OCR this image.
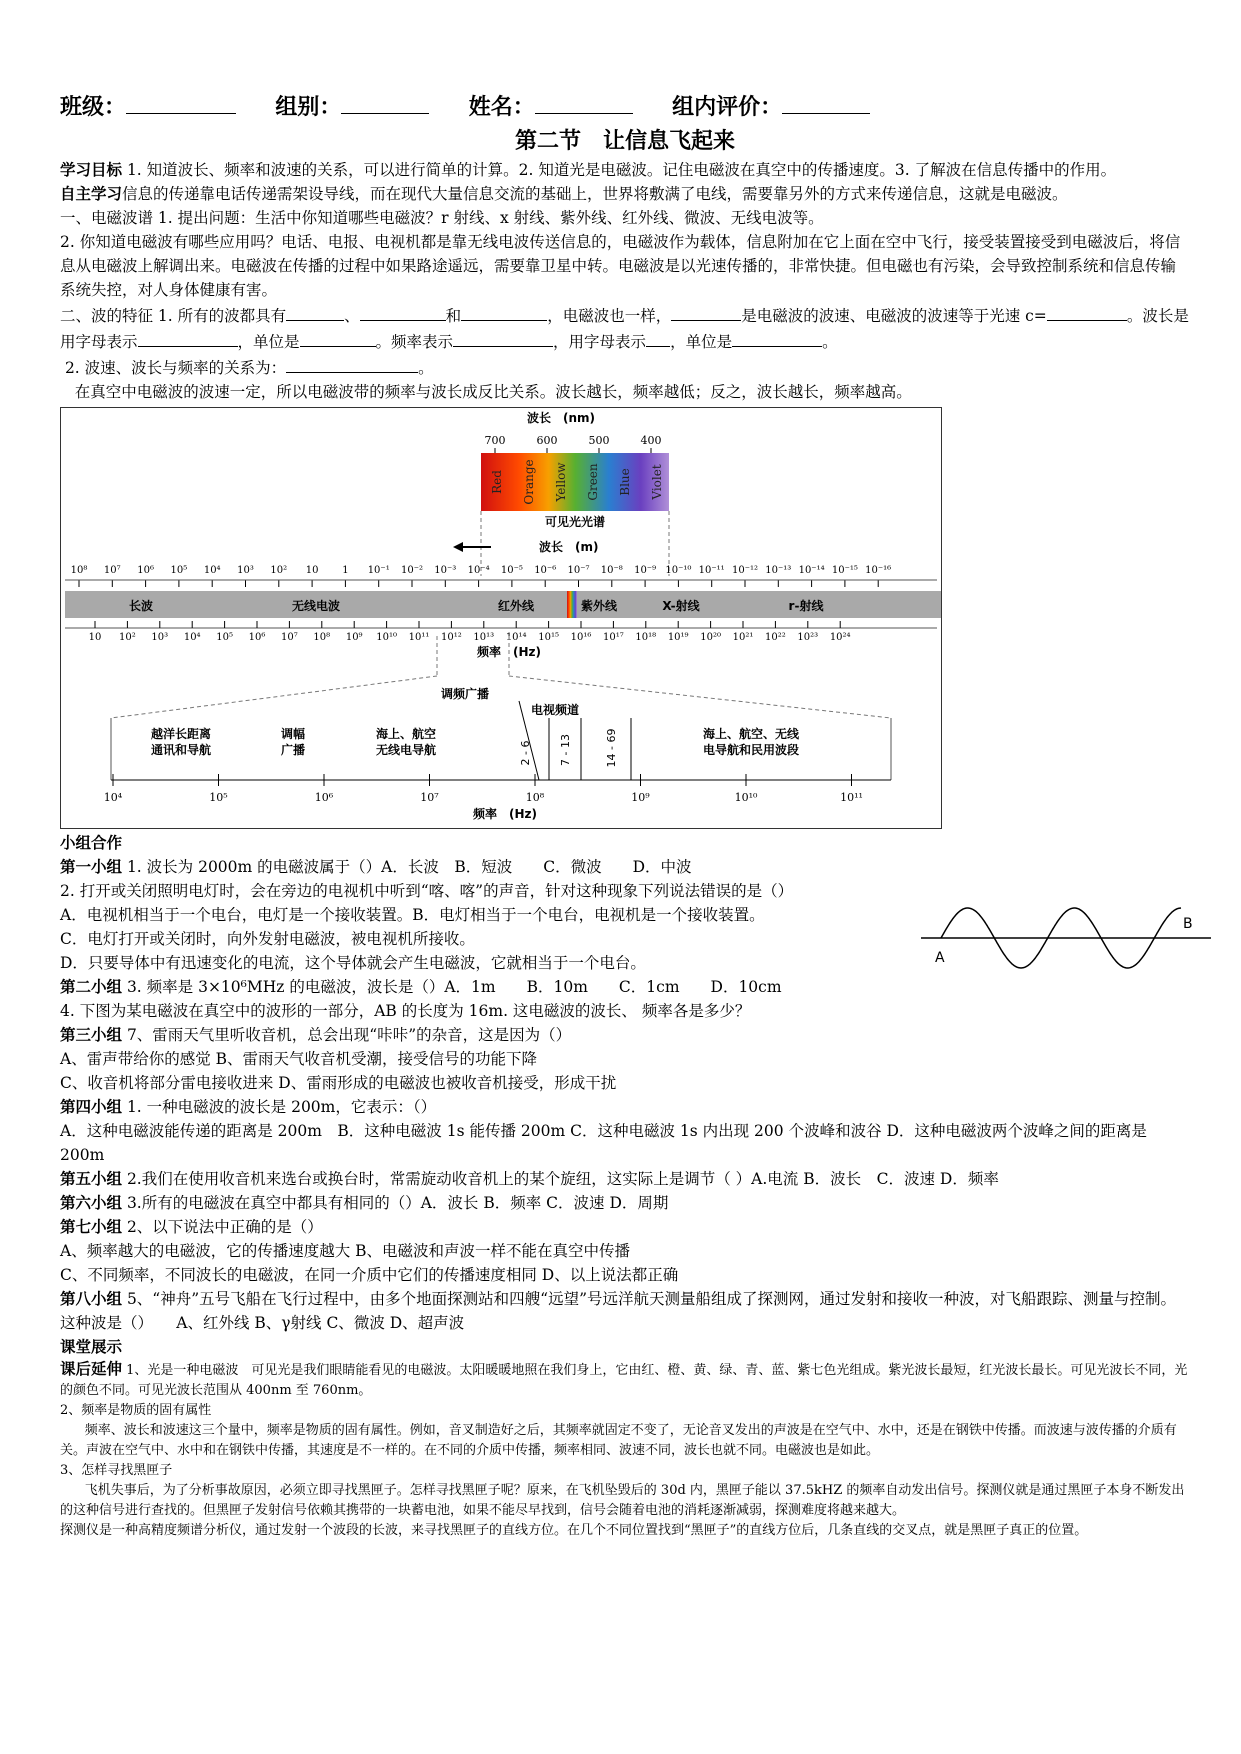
班级：	组别：	姓名：	组内评价：
第二节　让信息飞起来

学习目标 1. 知道波长、频率和波速的关系，可以进行简单的计算。2. 知道光是电磁波。记住电磁波在真空中的传播速度。3. 了解波在信息传播中的作用。

自主学习信息的传递靠电话传递需架设导线，而在现代大量信息交流的基础上，世界将敷满了电线，需要靠另外的方式来传递信息，这就是电磁波。

一、电磁波谱 1. 提出问题：生活中你知道哪些电磁波？r 射线、x 射线、紫外线、红外线、微波、无线电波等。

2. 你知道电磁波有哪些应用吗？电话、电报、电视机都是靠无线电波传送信息的，电磁波作为载体，信息附加在它上面在空中飞行，接受装置接受到电磁波后，将信息从电磁波上解调出来。电磁波在传播的过程中如果路途遥远，需要靠卫星中转。电磁波是以光速传播的，非常快捷。但电磁也有污染，会导致控制系统和信息传输系统失控，对人身体健康有害。

二、波的特征 1. 所有的波都具有	、	和	，电磁波也一样，	是电磁波的波速、电磁波的波速等于光速 c=	。波长是用字母表示	，单位是	。频率表示	，用字母表示 ，单位是	。

2. 波速、波长与频率的关系为：	。

在真空中电磁波的波速一定，所以电磁波带的频率与波长成反比关系。波长越长，频率越低；反之，波长越长，频率越高。

波长　(nm)
700	600	500	400
Red Orange Yellow Green Blue Violet
可见光光谱
波长　(m)
10⁸ 10⁷ 10⁶ 10⁵ 10⁴ 10³ 10² 10 1 10⁻¹ 10⁻² 10⁻³ 10⁻⁴ 10⁻⁵ 10⁻⁶ 10⁻⁷ 10⁻⁸ 10⁻⁹ 10⁻¹⁰ 10⁻¹¹ 10⁻¹² 10⁻¹³ 10⁻¹⁴ 10⁻¹⁵ 10⁻¹⁶
长波	无线电波	红外线	紫外线	X-射线	r-射线
10 10² 10³ 10⁴ 10⁵ 10⁶ 10⁷ 10⁸ 10⁹ 10¹⁰ 10¹¹ 10¹² 10¹³ 10¹⁴ 10¹⁵ 10¹⁶ 10¹⁷ 10¹⁸ 10¹⁹ 10²⁰ 10²¹ 10²² 10²³ 10²⁴
频率　(Hz)
调频广播
电视频道
2 - 6 7 - 13	14 - 69
越洋长距离
通讯和导航
调幅
广播
海上、航空
无线电导航
海上、航空、无线
电导航和民用波段
10⁴	10⁵	10⁶	10⁷	10⁸	10⁹	10¹⁰	10¹¹
频率　(Hz)

小组合作

第一小组 1. 波长为 2000m 的电磁波属于（）A．长波　B．短波　　C．微波　　D．中波

2. 打开或关闭照明电灯时，会在旁边的电视机中听到“喀、喀”的声音，针对这种现象下列说法错误的是（）

A．电视机相当于一个电台，电灯是一个接收装置。B．电灯相当于一个电台，电视机是一个接收装置。

C．电灯打开或关闭时，向外发射电磁波，被电视机所接收。

D．只要导体中有迅速变化的电流，这个导体就会产生电磁波，它就相当于一个电台。

第二小组 3. 频率是 3×10⁶MHz 的电磁波，波长是（）A．1m　　B．10m　　C．1cm　　D．10cm

4. 下图为某电磁波在真空中的波形的一部分，AB 的长度为 16m. 这电磁波的波长、 频率各是多少？

第三小组 7、雷雨天气里听收音机，总会出现“咔咔”的杂音，这是因为（）

A、雷声带给你的感觉 B、雷雨天气收音机受潮，接受信号的功能下降

C、收音机将部分雷电接收进来 D、雷雨形成的电磁波也被收音机接受，形成干扰

第四小组 1. 一种电磁波的波长是 200m，它表示：（）

A．这种电磁波能传递的距离是 200m　B．这种电磁波 1s 能传播 200m C．这种电磁波 1s 内出现 200 个波峰和波谷 D．这种电磁波两个波峰之间的距离是 200m

第五小组 2.我们在使用收音机来选台或换台时，常需旋动收音机上的某个旋纽，这实际上是调节（ ）A.电流 B．波长　C．波速 D．频率

第六小组 3.所有的电磁波在真空中都具有相同的（）A．波长 B．频率 C．波速 D．周期

第七小组 2、以下说法中正确的是（）

A、频率越大的电磁波，它的传播速度越大 B、电磁波和声波一样不能在真空中传播

C、不同频率，不同波长的电磁波，在同一介质中它们的传播速度相同 D、以上说法都正确

第八小组 5、“神舟”五号飞船在飞行过程中，由多个地面探测站和四艘“远望”号远洋航天测量船组成了探测网，通过发射和接收一种波，对飞船跟踪、测量与控制。这种波是（）　　A、红外线 B、γ射线 C、微波 D、超声波

课堂展示

课后延伸 1、光是一种电磁波　可见光是我们眼睛能看见的电磁波。太阳暖暖地照在我们身上，它由红、橙、黄、绿、青、蓝、紫七色光组成。紫光波长最短，红光波长最长。可见光波长不同，光的颜色不同。可见光波长范围从 400nm 至 760nm。

2、频率是物质的固有属性

频率、波长和波速这三个量中，频率是物质的固有属性。例如，音叉制造好之后，其频率就固定不变了，无论音叉发出的声波是在空气中、水中，还是在钢铁中传播。而波速与波传播的介质有关。声波在空气中、水中和在钢铁中传播，其速度是不一样的。在不同的介质中传播，频率相同、波速不同，波长也就不同。电磁波也是如此。

3、怎样寻找黑匣子

飞机失事后，为了分析事故原因，必须立即寻找黑匣子。怎样寻找黑匣子呢？原来，在飞机坠毁后的 30d 内，黑匣子能以 37.5kHZ 的频率自动发出信号。探测仪就是通过黑匣子本身不断发出的这种信号进行查找的。但黑匣子发射信号依赖其携带的一块蓄电池，如果不能尽早找到，信号会随着电池的消耗逐渐减弱，探测难度将越来越大。

探测仪是一种高精度频谱分析仪，通过发射一个波段的长波，来寻找黑匣子的直线方位。在几个不同位置找到“黑匣子”的直线方位后，几条直线的交叉点，就是黑匣子真正的位置。

A
B
